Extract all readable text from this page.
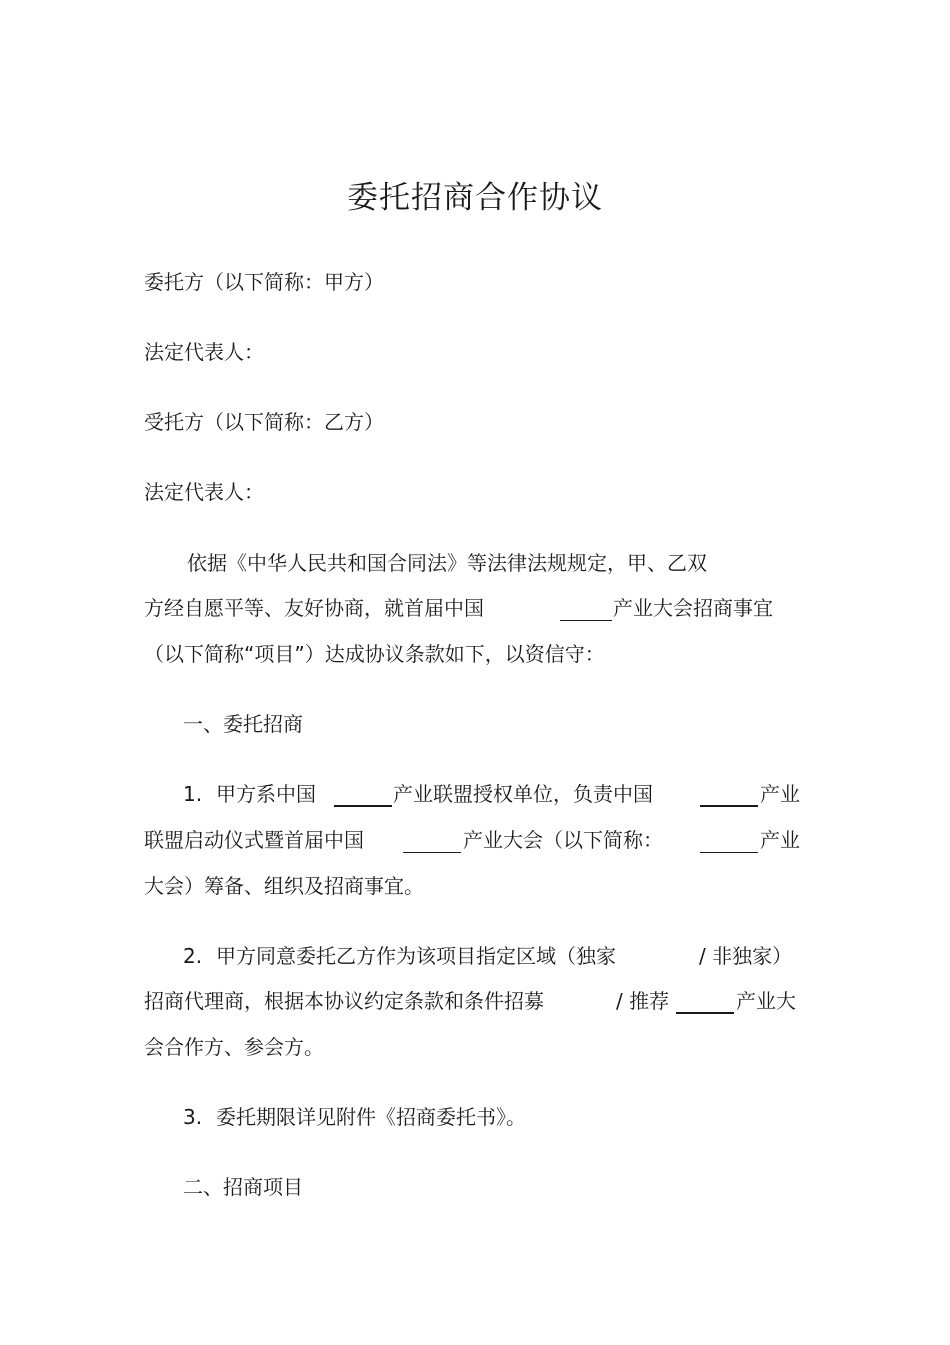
委托招商合作协议
委托方（以下简称：甲方）
法定代表人：
受托方（以下简称：乙方）
法定代表人：
依据《中华人民共和国合同法》等法律法规规定，甲、乙双
方经自愿平等、友好协商，就首届中国	产业大会招商事宜
（以下简称“项目”）达成协议条款如下，以资信守：
一、委托招商
1. 甲方系中国	产业联盟授权单位，负责中国	产业
联盟启动仪式暨首届中国	产业大会（以下简称：	产业
大会）筹备、组织及招商事宜。
2. 甲方同意委托乙方作为该项目指定区域（独家	/ 非独家）
招商代理商，根据本协议约定条款和条件招募	/ 推荐	产业大
会合作方、参会方。
3. 委托期限详见附件《招商委托书》。
二、招商项目
